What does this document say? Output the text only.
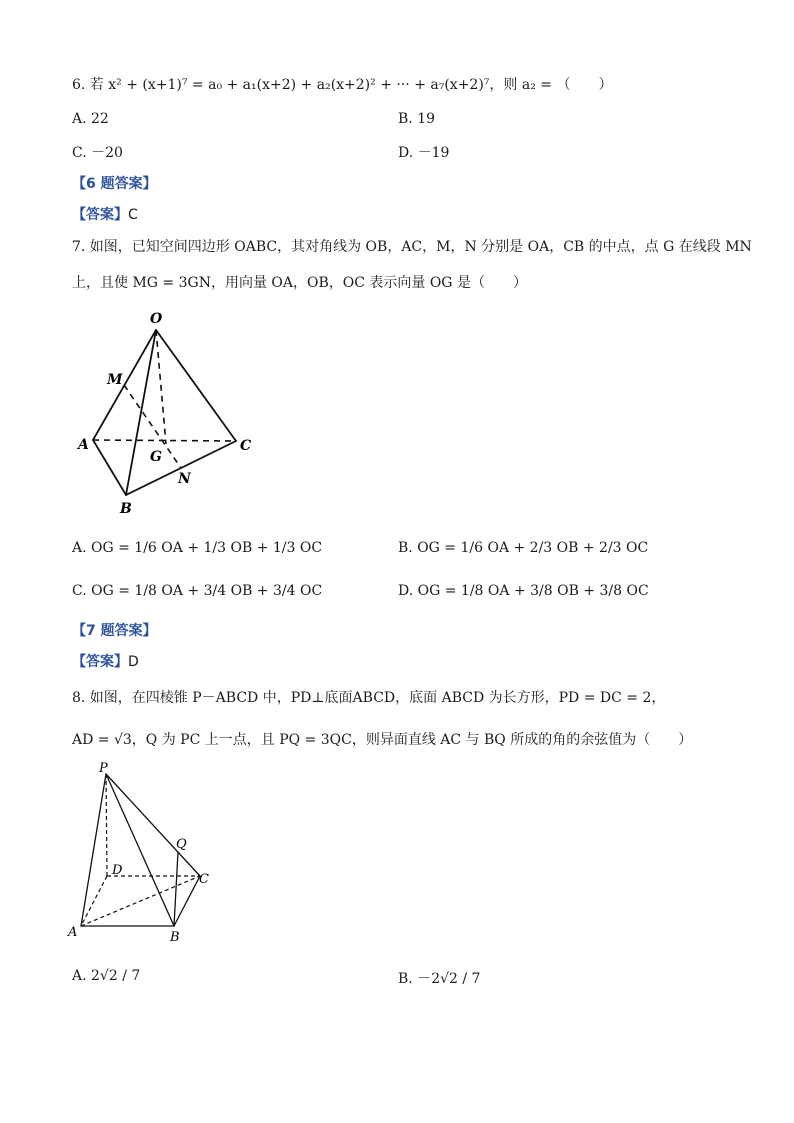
6. 若 x² + (x+1)⁷ = a₀ + a₁(x+2) + a₂(x+2)² + ··· + a₇(x+2)⁷，则 a₂ = （　　）
A. 22	B. 19
C. －20	D. －19
【6 题答案】
【答案】C
7. 如图，已知空间四边形 OABC，其对角线为 OB，AC，M，N 分别是 OA，CB 的中点，点 G 在线段 MN
上，且使 MG = 3GN，用向量 OA，OB，OC 表示向量 OG 是（　　）
O
M
A
G
C
N
B
A. OG = 1/6 OA + 1/3 OB + 1/3 OC	B. OG = 1/6 OA + 2/3 OB + 2/3 OC
C. OG = 1/8 OA + 3/4 OB + 3/4 OC	D. OG = 1/8 OA + 3/8 OB + 3/8 OC
【7 题答案】
【答案】D
8. 如图，在四棱锥 P－ABCD 中，PD⊥底面ABCD，底面 ABCD 为长方形，PD = DC = 2，
AD = √3，Q 为 PC 上一点，且 PQ = 3QC，则异面直线 AC 与 BQ 所成的角的余弦值为（　　）
P
Q
D
C
A	B
A. 2√2 / 7	B. －2√2 / 7
